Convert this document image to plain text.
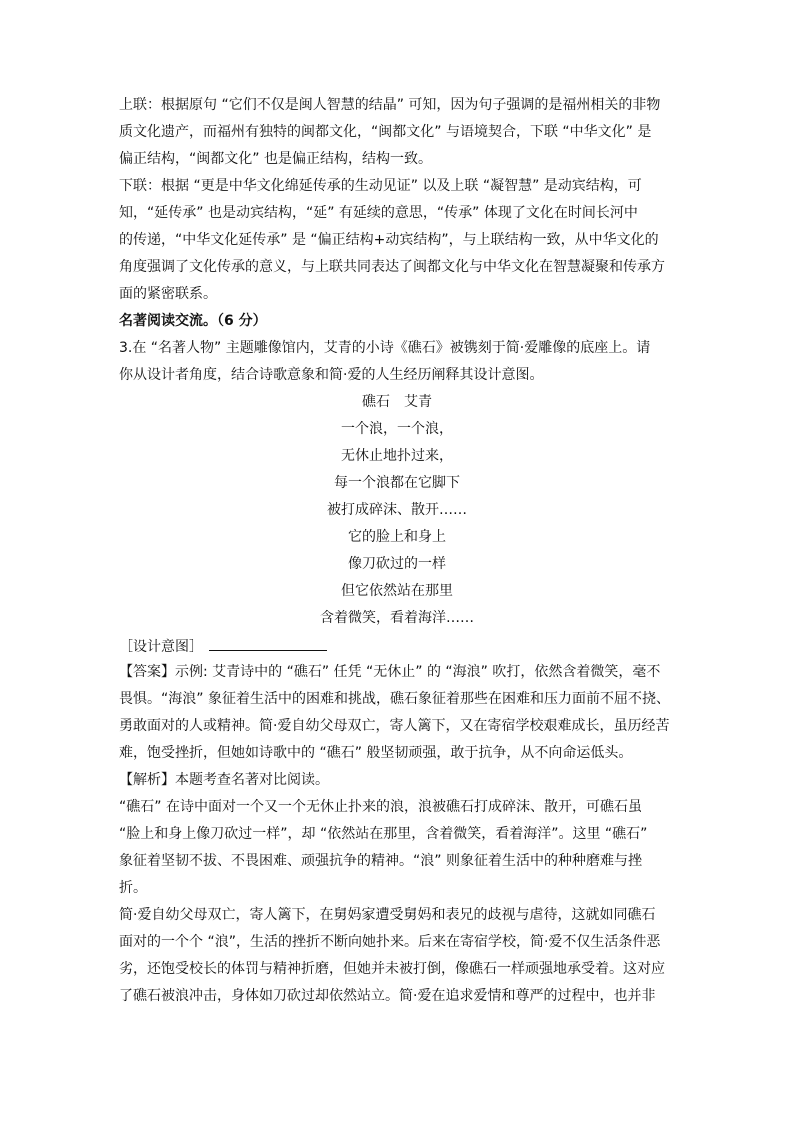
上联：根据原句 “它们不仅是闽人智慧的结晶” 可知，因为句子强调的是福州相关的非物
质文化遗产，而福州有独特的闽都文化，“闽都文化” 与语境契合，下联 “中华文化” 是
偏正结构，“闽都文化” 也是偏正结构，结构一致。
下联：根据 “更是中华文化绵延传承的生动见证” 以及上联 “凝智慧” 是动宾结构，可
知，“延传承” 也是动宾结构，“延” 有延续的意思，“传承” 体现了文化在时间长河中
的传递，“中华文化延传承” 是 “偏正结构+动宾结构”，与上联结构一致，从中华文化的
角度强调了文化传承的意义，与上联共同表达了闽都文化与中华文化在智慧凝聚和传承方
面的紧密联系。
名著阅读交流。（6 分）
3.在 “名著人物” 主题雕像馆内，艾青的小诗《礁石》被镌刻于简·爱雕像的底座上。请
你从设计者角度，结合诗歌意象和简·爱的人生经历阐释其设计意图。
礁石　艾青
一个浪，一个浪，
无休止地扑过来，
每一个浪都在它脚下
被打成碎沫、散开……
它的脸上和身上
像刀砍过的一样
但它依然站在那里
含着微笑，看着海洋……
［设计意图］
【答案】示例: 艾青诗中的 “礁石” 任凭 “无休止” 的 “海浪” 吹打，依然含着微笑，毫不
畏惧。“海浪” 象征着生活中的困难和挑战，礁石象征着那些在困难和压力面前不屈不挠、
勇敢面对的人或精神。简·爱自幼父母双亡，寄人篱下，又在寄宿学校艰难成长，虽历经苦
难，饱受挫折，但她如诗歌中的 “礁石” 般坚韧顽强，敢于抗争，从不向命运低头。
【解析】本题考查名著对比阅读。
“礁石” 在诗中面对一个又一个无休止扑来的浪，浪被礁石打成碎沫、散开，可礁石虽
“脸上和身上像刀砍过一样”，却 “依然站在那里，含着微笑，看着海洋”。这里 “礁石”
象征着坚韧不拔、不畏困难、顽强抗争的精神。“浪” 则象征着生活中的种种磨难与挫
折。
简·爱自幼父母双亡，寄人篱下，在舅妈家遭受舅妈和表兄的歧视与虐待，这就如同礁石
面对的一个个 “浪”，生活的挫折不断向她扑来。后来在寄宿学校，简·爱不仅生活条件恶
劣，还饱受校长的体罚与精神折磨，但她并未被打倒，像礁石一样顽强地承受着。这对应
了礁石被浪冲击，身体如刀砍过却依然站立。简·爱在追求爱情和尊严的过程中，也并非
